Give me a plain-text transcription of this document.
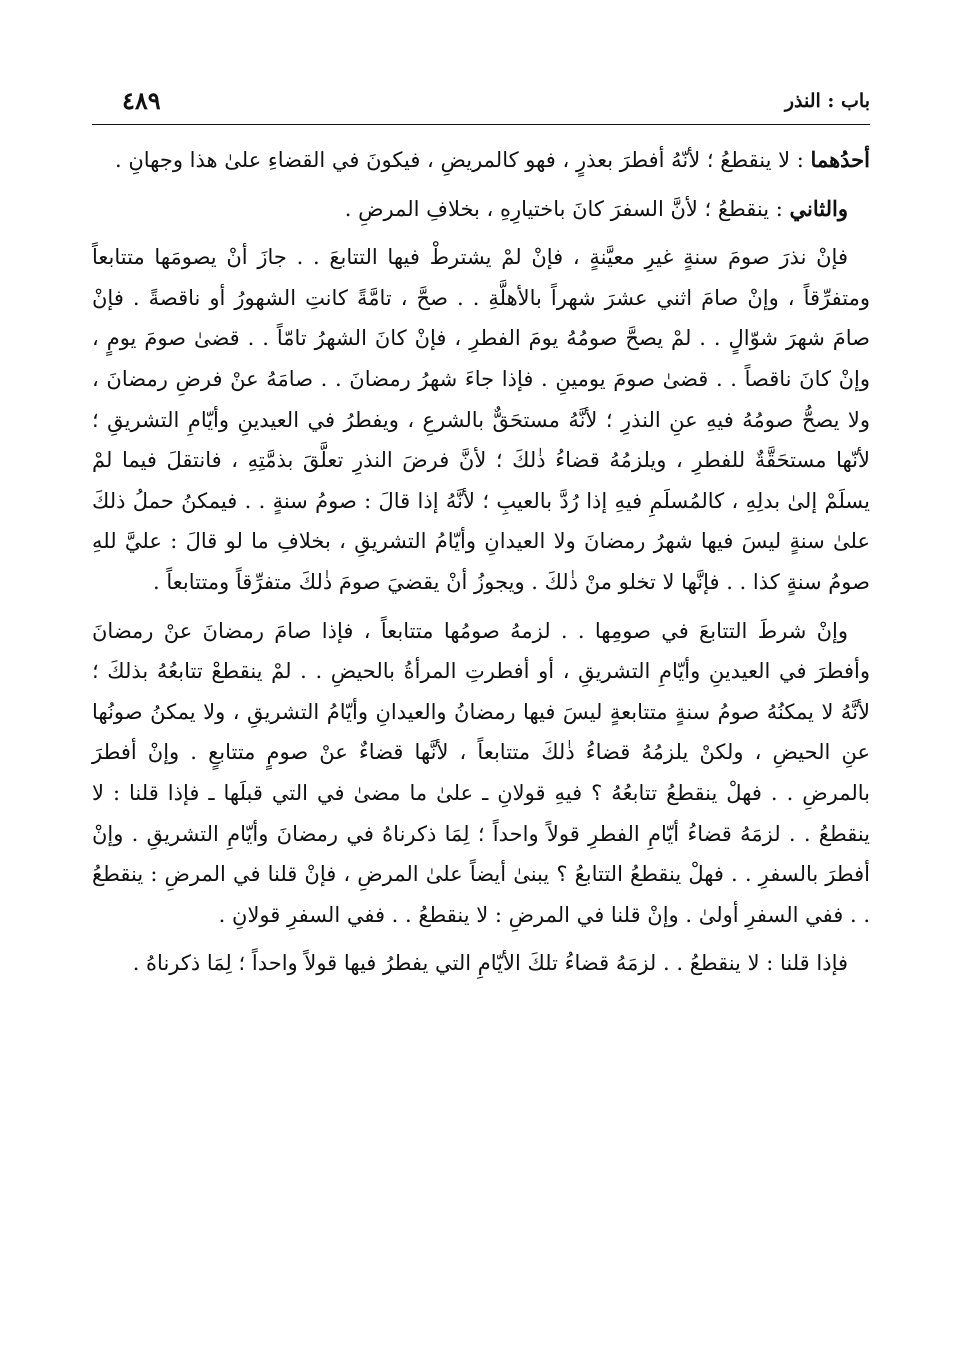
٤٨٩	باب : النذر

أحدُهما : لا ينقطعُ ؛ لأنّهُ أفطرَ بعذرٍ ، فهو كالمريضِ ، فيكونَ في القضاءِ علىٰ هذا وجهانِ .

والثاني : ينقطعُ ؛ لأنَّ السفرَ كانَ باختيارِهِ ، بخلافِ المرضِ .

فإنْ نذرَ صومَ سنةٍ غيرِ معيَّنةٍ ، فإنْ لمْ يشترطْ فيها التتابعَ . . جازَ أنْ يصومَها متتابعاً ومتفرِّقاً ، وإنْ صامَ اثني عشرَ شهراً بالأهلَّةِ . . صحَّ ، تامَّةً كانتِ الشهورُ أو ناقصةً . فإنْ صامَ شهرَ شوّالٍ . . لمْ يصحَّ صومُهُ يومَ الفطرِ ، فإنْ كانَ الشهرُ تامّاً . . قضىٰ صومَ يومٍ ، وإنْ كانَ ناقصاً . . قضىٰ صومَ يومينِ . فإذا جاءَ شهرُ رمضانَ . . صامَهُ عنْ فرضِ رمضانَ ، ولا يصحُّ صومُهُ فيهِ عنِ النذرِ ؛ لأنَّهُ مستحَقٌّ بالشرعِ ، ويفطرُ في العيدينِ وأيّامِ التشريقِ ؛ لأنّها مستحَقَّةٌ للفطرِ ، ويلزمُهُ قضاءُ ذٰلكَ ؛ لأنَّ فرضَ النذرِ تعلَّقَ بذمَّتِهِ ، فانتقلَ فيما لمْ يسلَمْ إلىٰ بدلِهِ ، كالمُسلَمِ فيهِ إذا رُدَّ بالعيبِ ؛ لأنَّهُ إذا قالَ : صومُ سنةٍ . . فيمكنُ حملُ ذلكَ علىٰ سنةٍ ليسَ فيها شهرُ رمضانَ ولا العيدانِ وأيّامُ التشريقِ ، بخلافِ ما لو قالَ : عليَّ للهِ صومُ سنةٍ كذا . . فإنَّها لا تخلو منْ ذٰلكَ . ويجوزُ أنْ يقضيَ صومَ ذٰلكَ متفرِّقاً ومتتابعاً .

وإنْ شرطَ التتابعَ في صومِها . . لزمهُ صومُها متتابعاً ، فإذا صامَ رمضانَ عنْ رمضانَ وأفطرَ في العيدينِ وأيّامِ التشريقِ ، أو أفطرتِ المرأةُ بالحيضِ . . لمْ ينقطعْ تتابعُهُ بذلكَ ؛ لأنَّهُ لا يمكنُهُ صومُ سنةٍ متتابعةٍ ليسَ فيها رمضانُ والعيدانِ وأيّامُ التشريقِ ، ولا يمكنُ صونُها عنِ الحيضِ ، ولكنْ يلزمُهُ قضاءُ ذٰلكَ متتابعاً ، لأنَّها قضاءٌ عنْ صومٍ متتابعٍ . وإنْ أفطرَ بالمرضِ . . فهلْ ينقطعُ تتابعُهُ ؟ فيهِ قولانِ ـ علىٰ ما مضىٰ في التي قبلَها ـ فإذا قلنا : لا ينقطعُ . . لزمَهُ قضاءُ أيّامِ الفطرِ قولاً واحداً ؛ لِمَا ذكرناهُ في رمضانَ وأيّامِ التشريقِ . وإنْ أفطرَ بالسفرِ . . فهلْ ينقطعُ التتابعُ ؟ يبنىٰ أيضاً علىٰ المرضِ ، فإنْ قلنا في المرضِ : ينقطعُ . . ففي السفرِ أولىٰ . وإنْ قلنا في المرضِ : لا ينقطعُ . . ففي السفرِ قولانِ .

فإذا قلنا : لا ينقطعُ . . لزمَهُ قضاءُ تلكَ الأيّامِ التي يفطرُ فيها قولاً واحداً ؛ لِمَا ذكرناهُ .
